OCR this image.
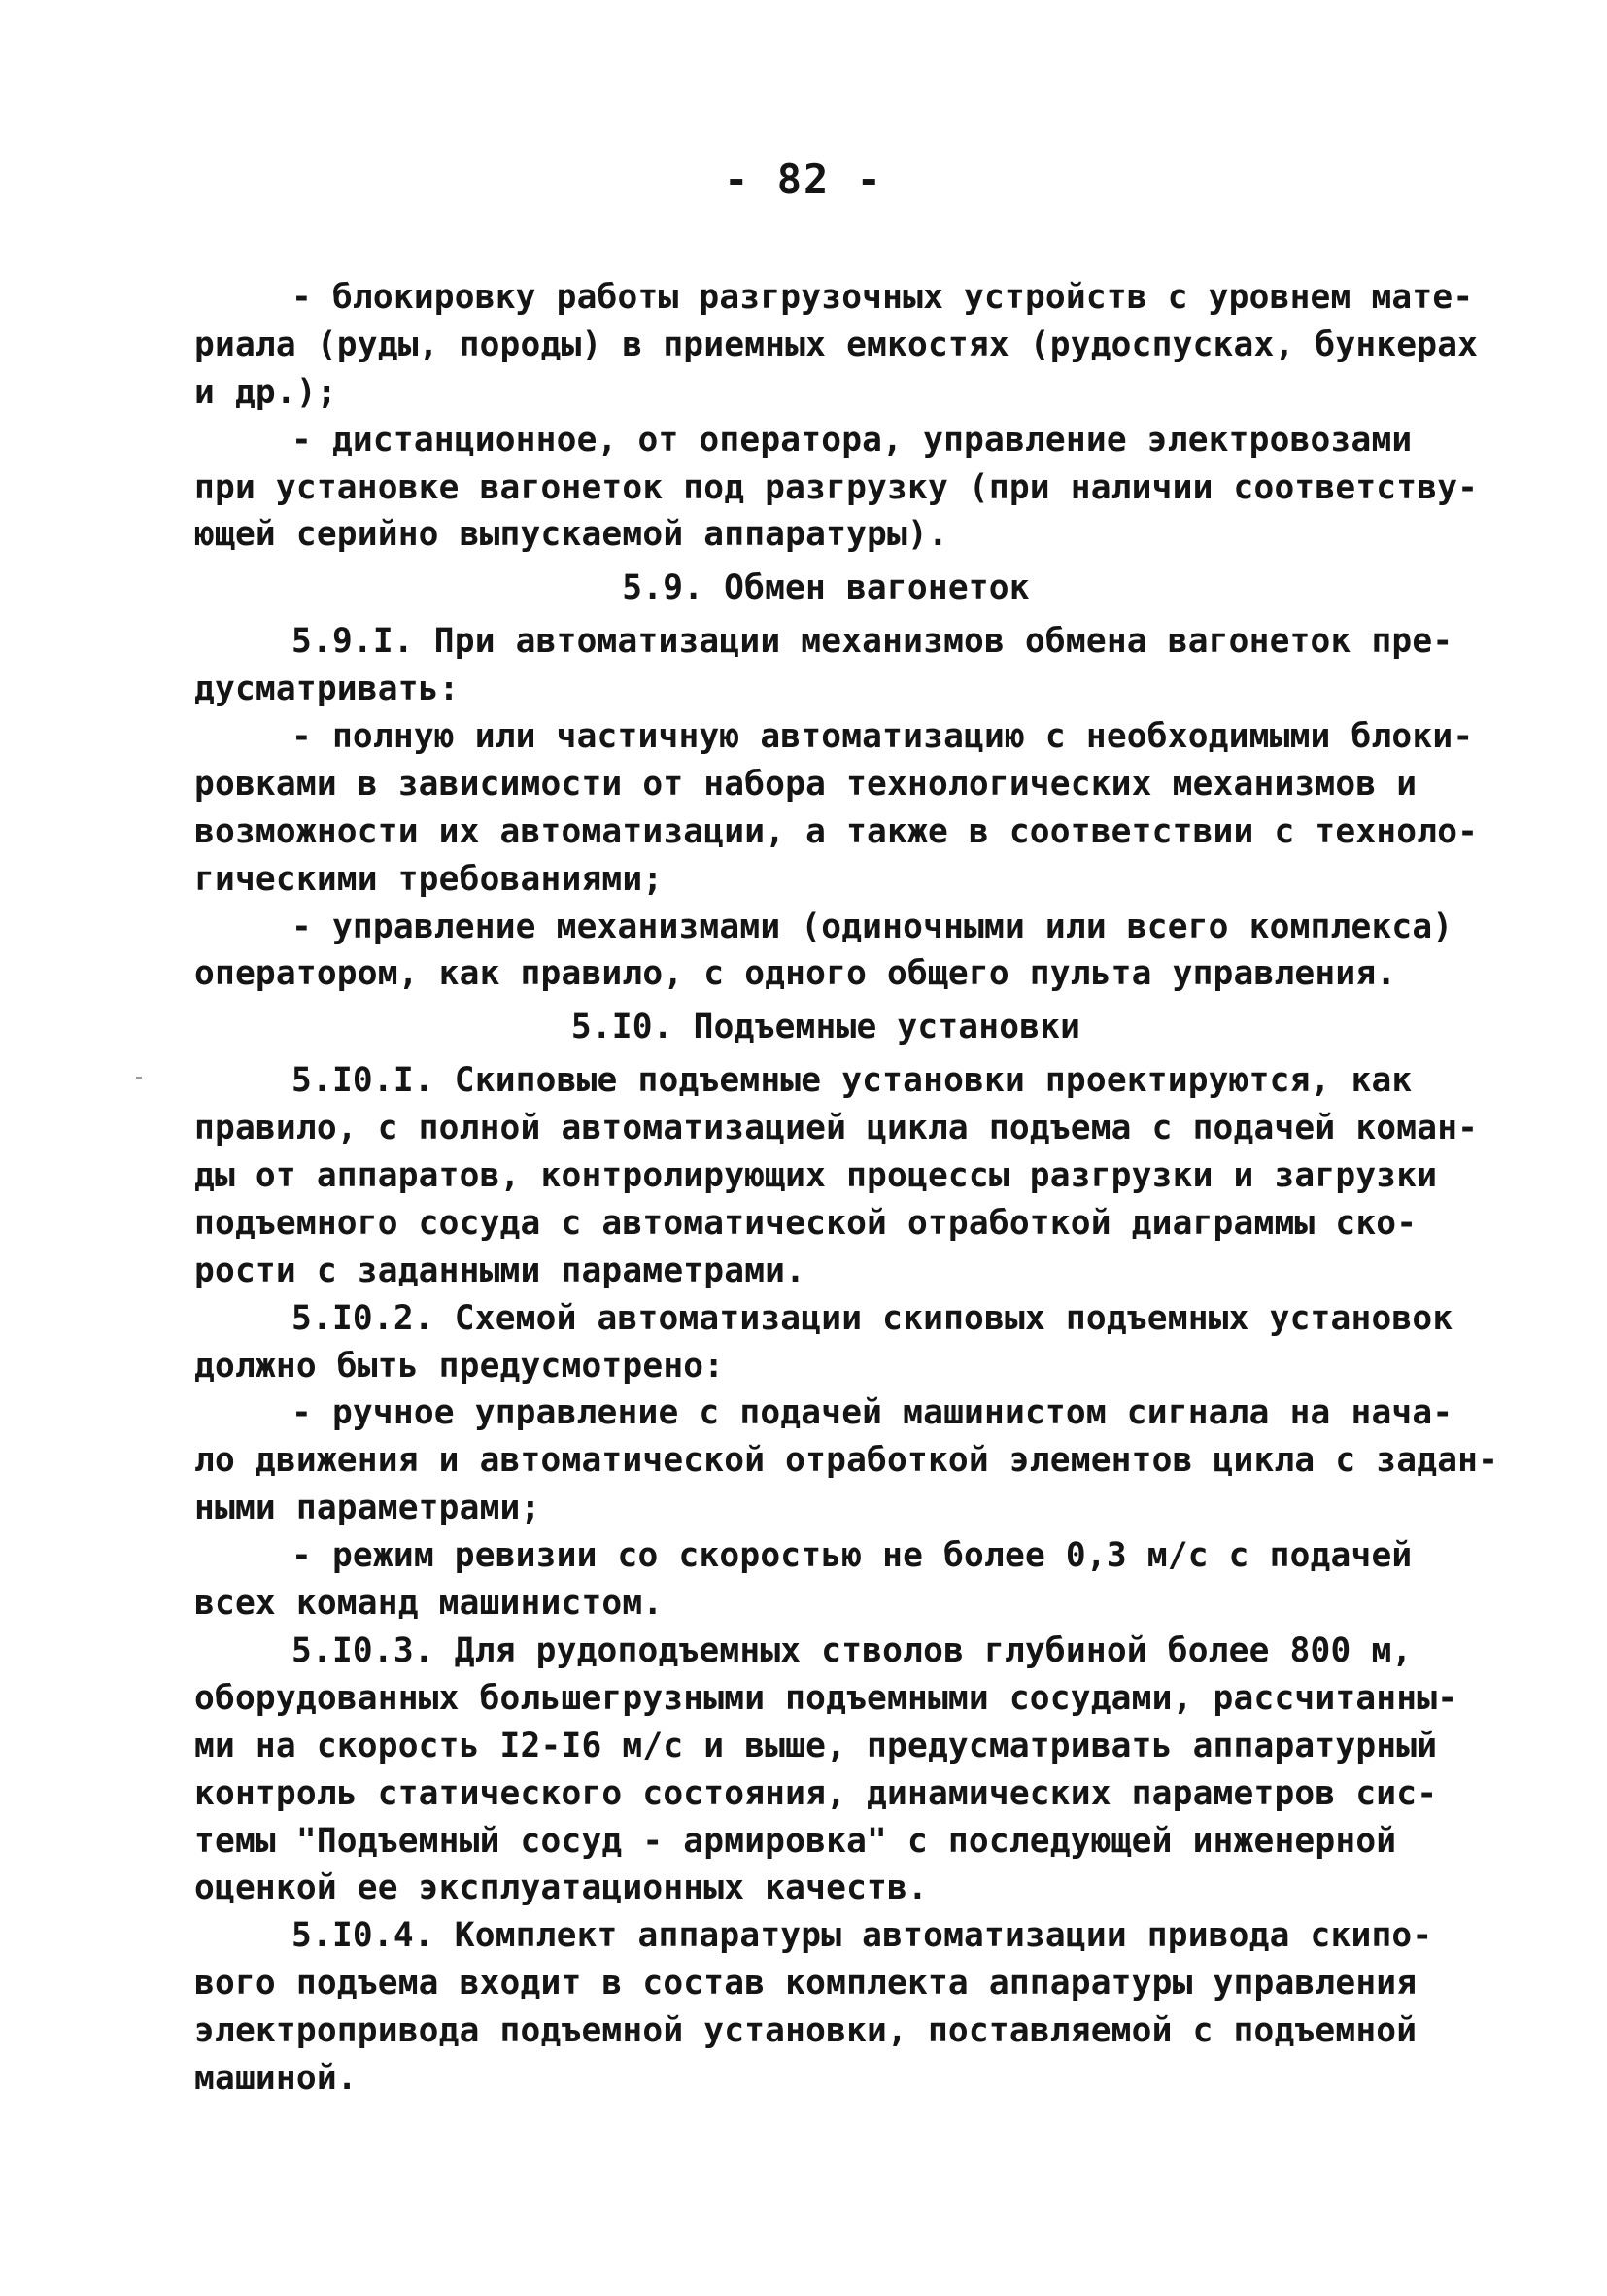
- 82 -
- блокировку работы разгрузочных устройств с уровнем мате-
риала (руды, породы) в приемных емкостях (рудоспусках, бункерах
и др.);
- дистанционное, от оператора, управление электровозами
при установке вагонеток под разгрузку (при наличии соответству-
ющей серийно выпускаемой аппаратуры).
5.9. Обмен вагонеток
5.9.I. При автоматизации механизмов обмена вагонеток пре-
дусматривать:
- полную или частичную автоматизацию с необходимыми блоки-
ровками в зависимости от набора технологических механизмов и
возможности их автоматизации, а также в соответствии с техноло-
гическими требованиями;
- управление механизмами (одиночными или всего комплекса)
оператором, как правило, с одного общего пульта управления.
5.I0. Подъемные установки
5.I0.I. Скиповые подъемные установки проектируются, как
правило, с полной автоматизацией цикла подъема с подачей коман-
ды от аппаратов, контролирующих процессы разгрузки и загрузки
подъемного сосуда с автоматической отработкой диаграммы ско-
рости с заданными параметрами.
5.I0.2. Схемой автоматизации скиповых подъемных установок
должно быть предусмотрено:
- ручное управление с подачей машинистом сигнала на нача-
ло движения и автоматической отработкой элементов цикла с задан-
ными параметрами;
- режим ревизии со скоростью не более 0,3 м/с с подачей
всех команд машинистом.
5.I0.3. Для рудоподъемных стволов глубиной более 800 м,
оборудованных большегрузными подъемными сосудами, рассчитанны-
ми на скорость I2-I6 м/с и выше, предусматривать аппаратурный
контроль статического состояния, динамических параметров сис-
темы "Подъемный сосуд - армировка" с последующей инженерной
оценкой ее эксплуатационных качеств.
5.I0.4. Комплект аппаратуры автоматизации привода скипо-
вого подъема входит в состав комплекта аппаратуры управления
электропривода подъемной установки, поставляемой с подъемной
машиной.
